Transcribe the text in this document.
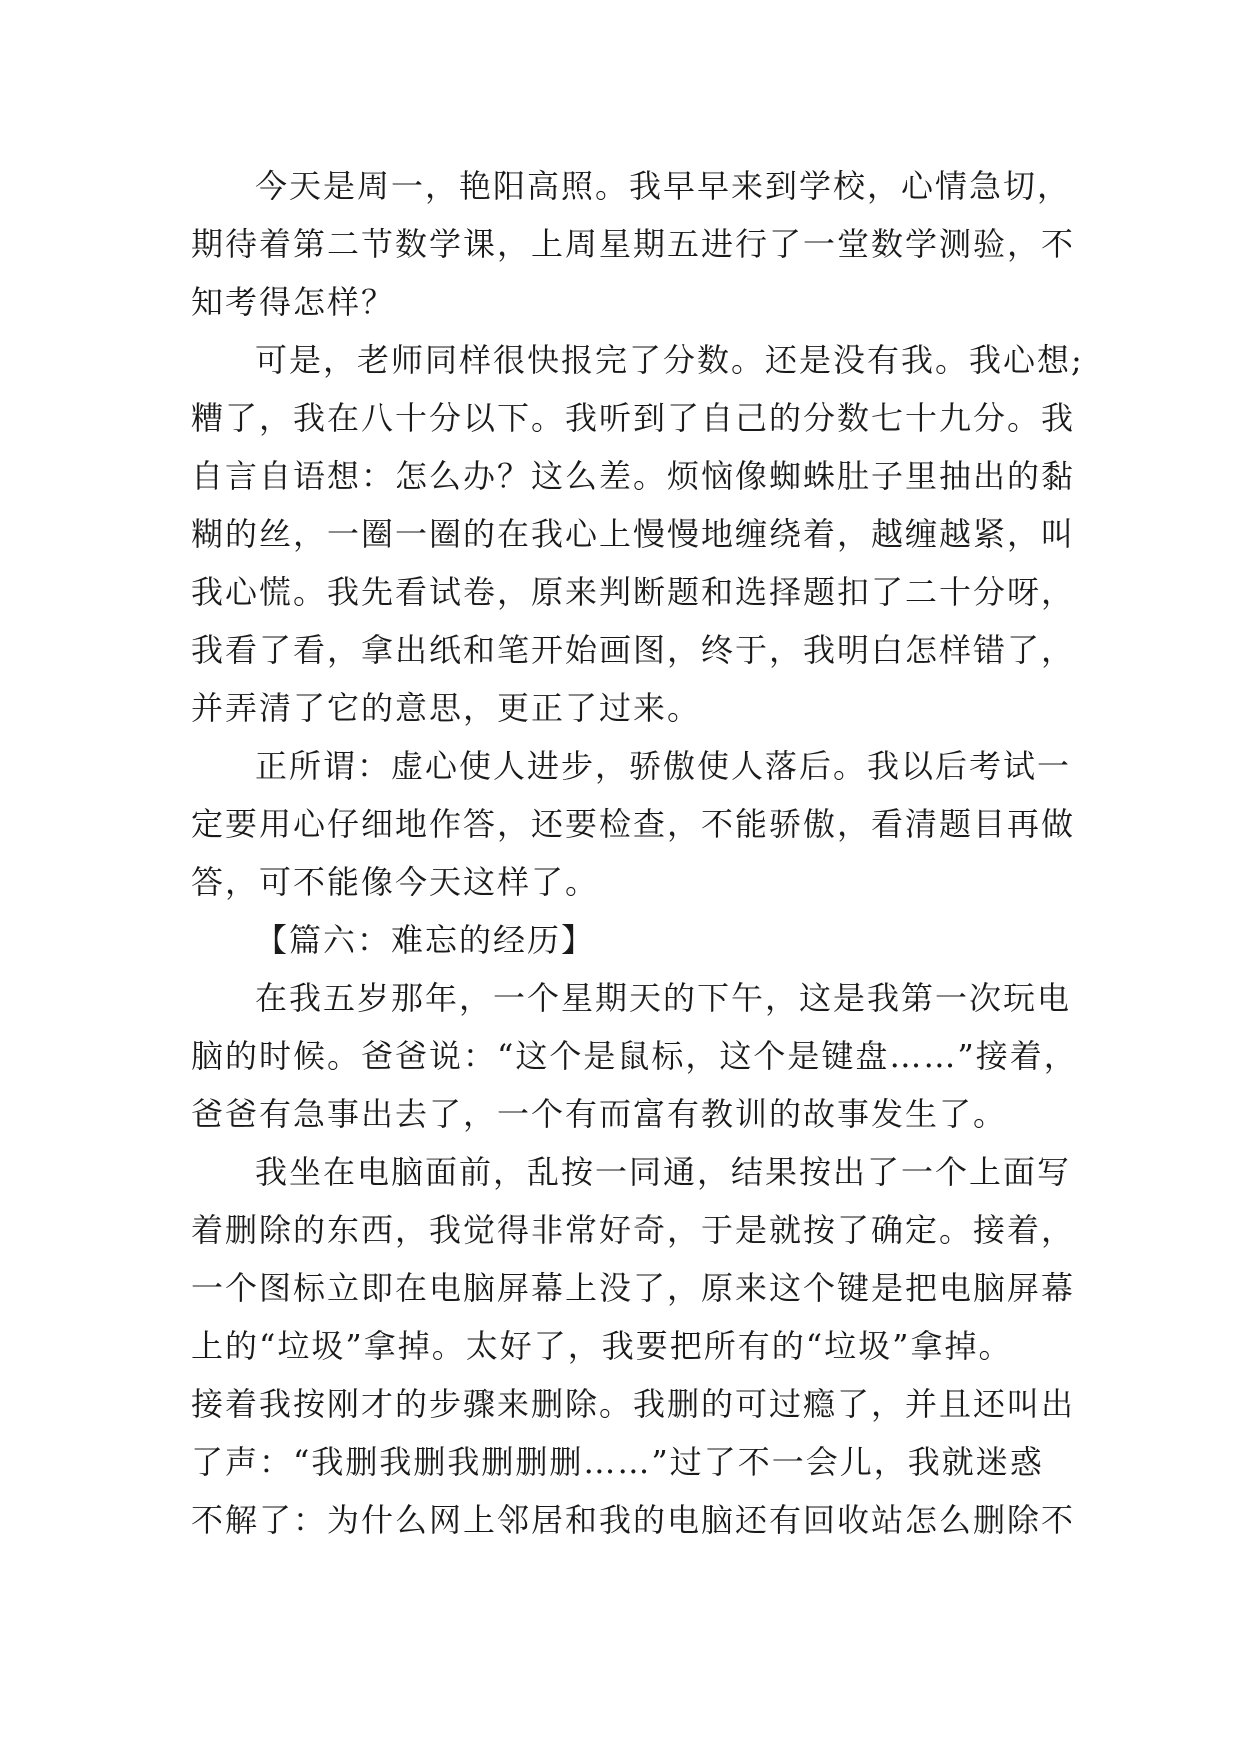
今天是周一，艳阳高照。我早早来到学校，心情急切，
期待着第二节数学课，上周星期五进行了一堂数学测验，不
知考得怎样？
可是，老师同样很快报完了分数。还是没有我。我心想;
糟了，我在八十分以下。我听到了自己的分数七十九分。我
自言自语想：怎么办？这么差。烦恼像蜘蛛肚子里抽出的黏
糊的丝，一圈一圈的在我心上慢慢地缠绕着，越缠越紧，叫
我心慌。我先看试卷，原来判断题和选择题扣了二十分呀，
我看了看，拿出纸和笔开始画图，终于，我明白怎样错了，
并弄清了它的意思，更正了过来。
正所谓：虚心使人进步，骄傲使人落后。我以后考试一
定要用心仔细地作答，还要检查，不能骄傲，看清题目再做
答，可不能像今天这样了。
【篇六：难忘的经历】
在我五岁那年，一个星期天的下午，这是我第一次玩电
脑的时候。爸爸说：“这个是鼠标，这个是键盘……”接着，
爸爸有急事出去了，一个有而富有教训的故事发生了。
我坐在电脑面前，乱按一同通，结果按出了一个上面写
着删除的东西，我觉得非常好奇，于是就按了确定。接着，
一个图标立即在电脑屏幕上没了，原来这个键是把电脑屏幕
上的“垃圾”拿掉。太好了，我要把所有的“垃圾”拿掉。
接着我按刚才的步骤来删除。我删的可过瘾了，并且还叫出
了声：“我删我删我删删删……”过了不一会儿，我就迷惑
不解了：为什么网上邻居和我的电脑还有回收站怎么删除不
